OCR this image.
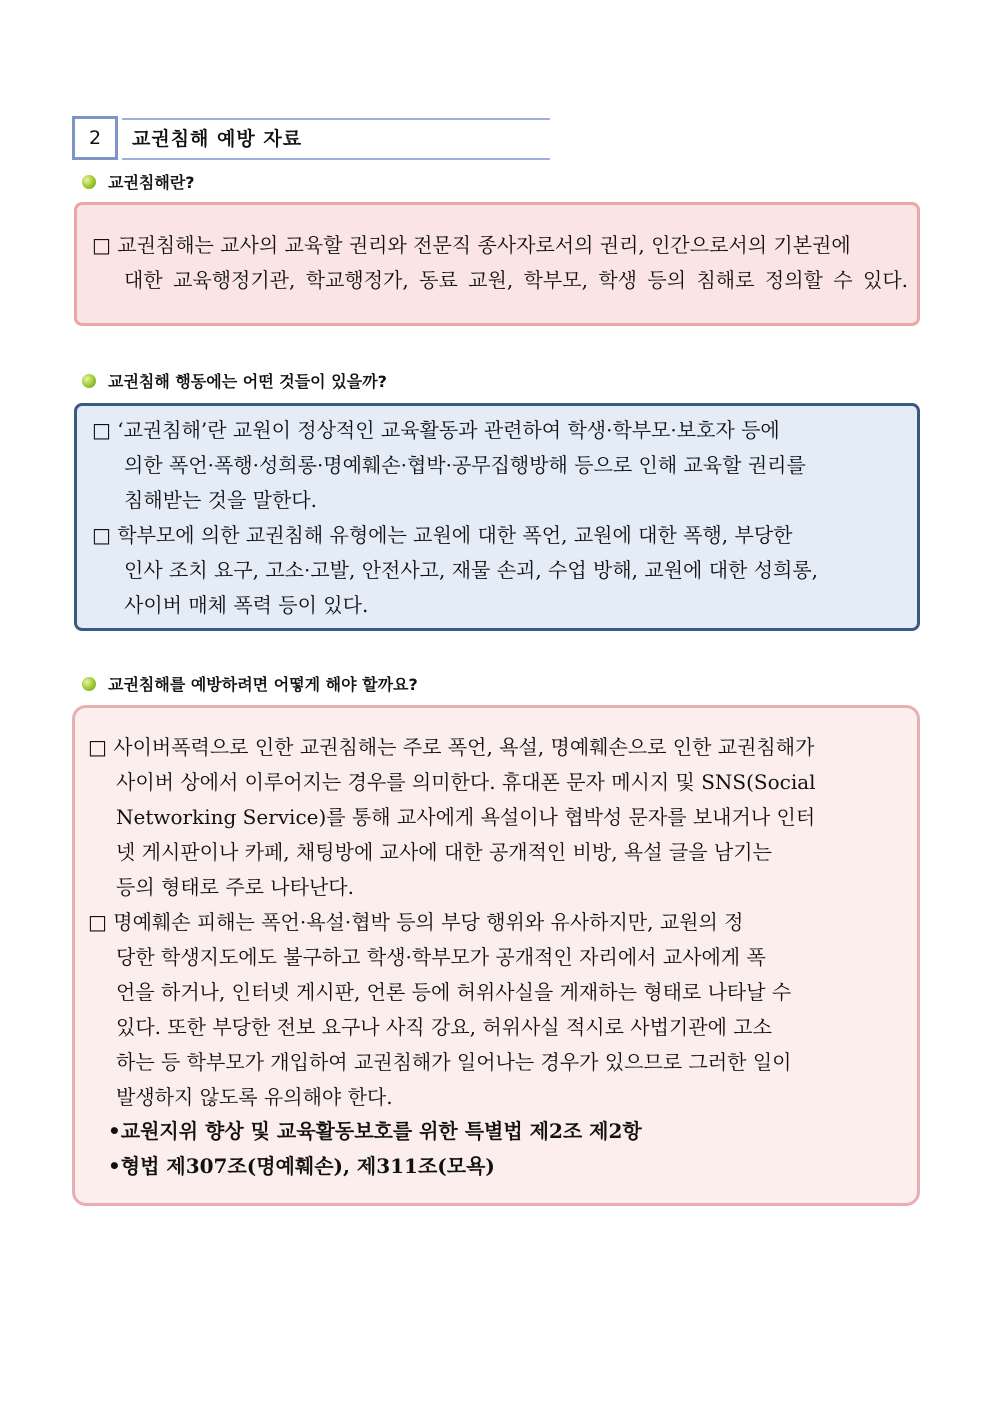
2	교권침해 예방 자료
교권침해란?
□ 교권침해는 교사의 교육할 권리와 전문직 종사자로서의 권리, 인간으로서의 기본권에
대한 교육행정기관, 학교행정가, 동료 교원, 학부모, 학생 등의 침해로 정의할 수 있다.
교권침해 행동에는 어떤 것들이 있을까?
□ ‘교권침해’란 교원이 정상적인 교육활동과 관련하여 학생·학부모·보호자 등에
의한 폭언·폭행·성희롱·명예훼손·협박·공무집행방해 등으로 인해 교육할 권리를
침해받는 것을 말한다.
□ 학부모에 의한 교권침해 유형에는 교원에 대한 폭언, 교원에 대한 폭행, 부당한
인사 조치 요구, 고소·고발, 안전사고, 재물 손괴, 수업 방해, 교원에 대한 성희롱,
사이버 매체 폭력 등이 있다.
교권침해를 예방하려면 어떻게 해야 할까요?
□ 사이버폭력으로 인한 교권침해는 주로 폭언, 욕설, 명예훼손으로 인한 교권침해가
사이버 상에서 이루어지는 경우를 의미한다. 휴대폰 문자 메시지 및 SNS(Social
Networking Service)를 통해 교사에게 욕설이나 협박성 문자를 보내거나 인터
넷 게시판이나 카페, 채팅방에 교사에 대한 공개적인 비방, 욕설 글을 남기는
등의 형태로 주로 나타난다.
□ 명예훼손 피해는 폭언·욕설·협박 등의 부당 행위와 유사하지만, 교원의 정
당한 학생지도에도 불구하고 학생·학부모가 공개적인 자리에서 교사에게 폭
언을 하거나, 인터넷 게시판, 언론 등에 허위사실을 게재하는 형태로 나타날 수
있다. 또한 부당한 전보 요구나 사직 강요, 허위사실 적시로 사법기관에 고소
하는 등 학부모가 개입하여 교권침해가 일어나는 경우가 있으므로 그러한 일이
발생하지 않도록 유의해야 한다.
•교원지위 향상 및 교육활동보호를 위한 특별법 제2조 제2항
•형법 제307조(명예훼손), 제311조(모욕)
